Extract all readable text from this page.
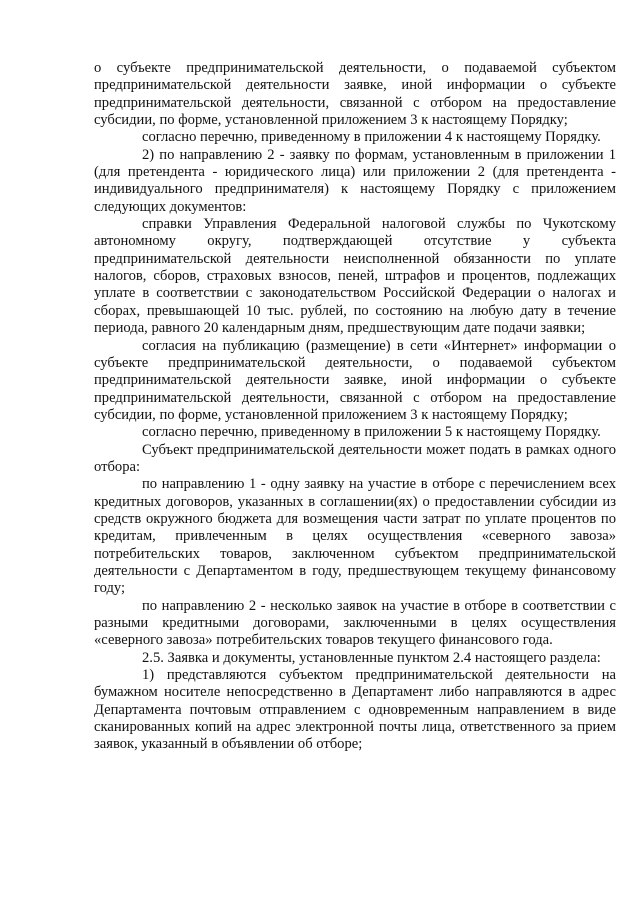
о субъекте предпринимательской деятельности, о подаваемой субъектом предпринимательской деятельности заявке, иной информации о субъекте предпринимательской деятельности, связанной с отбором на предоставление субсидии, по форме, установленной приложением 3 к настоящему Порядку;

согласно перечню, приведенному в приложении 4 к настоящему Порядку.

2) по направлению 2 - заявку по формам, установленным в приложении 1 (для претендента - юридического лица) или приложении 2 (для претендента - индивидуального предпринимателя) к настоящему Порядку с приложением следующих документов:

справки Управления Федеральной налоговой службы по Чукотскому автономному округу, подтверждающей отсутствие у субъекта предпринимательской деятельности неисполненной обязанности по уплате налогов, сборов, страховых взносов, пеней, штрафов и процентов, подлежащих уплате в соответствии с законодательством Российской Федерации о налогах и сборах, превышающей 10 тыс. рублей, по состоянию на любую дату в течение периода, равного 20 календарным дням, предшествующим дате подачи заявки;

согласия на публикацию (размещение) в сети «Интернет» информации о субъекте предпринимательской деятельности, о подаваемой субъектом предпринимательской деятельности заявке, иной информации о субъекте предпринимательской деятельности, связанной с отбором на предоставление субсидии, по форме, установленной приложением 3 к настоящему Порядку;

согласно перечню, приведенному в приложении 5 к настоящему Порядку.

Субъект предпринимательской деятельности может подать в рамках одного отбора:

по направлению 1 - одну заявку на участие в отборе с перечислением всех кредитных договоров, указанных в соглашении(ях) о предоставлении субсидии из средств окружного бюджета для возмещения части затрат по уплате процентов по кредитам, привлеченным в целях осуществления «северного завоза» потребительских товаров, заключенном субъектом предпринимательской деятельности с Департаментом в году, предшествующем текущему финансовому году;

по направлению 2 - несколько заявок на участие в отборе в соответствии с разными кредитными договорами, заключенными в целях осуществления «северного завоза» потребительских товаров текущего финансового года.

2.5. Заявка и документы, установленные пунктом 2.4 настоящего раздела:

1) представляются субъектом предпринимательской деятельности на бумажном носителе непосредственно в Департамент либо направляются в адрес Департамента почтовым отправлением с одновременным направлением в виде сканированных копий на адрес электронной почты лица, ответственного за прием заявок, указанный в объявлении об отборе;
